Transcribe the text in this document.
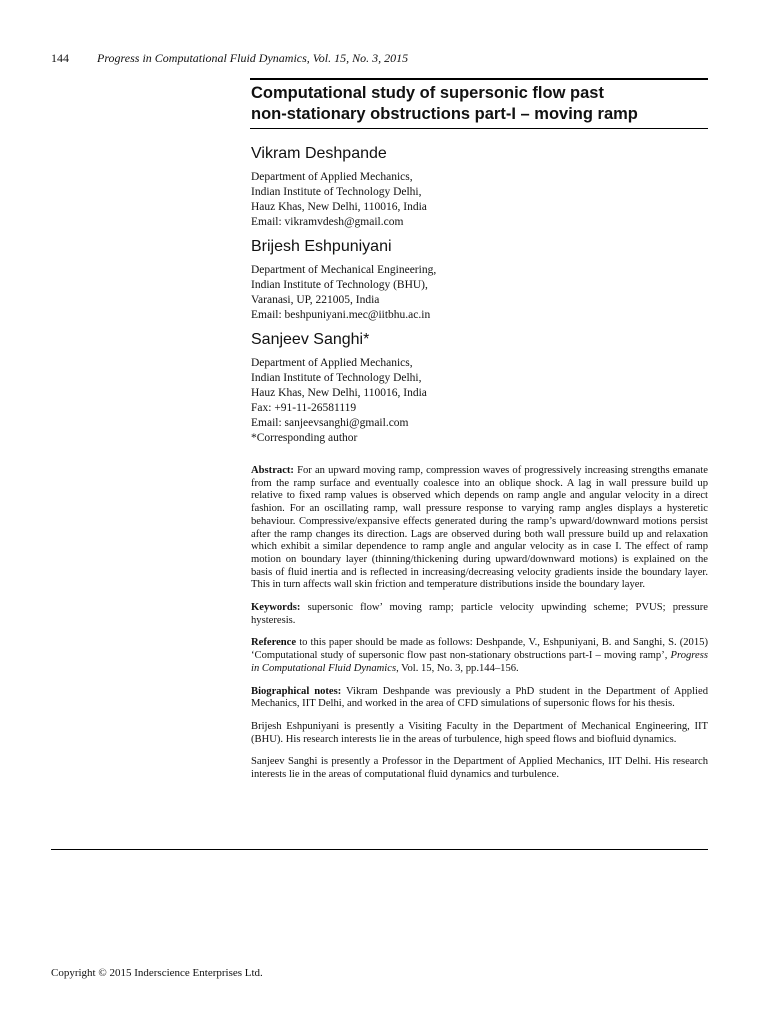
144 Progress in Computational Fluid Dynamics, Vol. 15, No. 3, 2015
Computational study of supersonic flow past
non-stationary obstructions part-I – moving ramp
Vikram Deshpande
Department of Applied Mechanics,
Indian Institute of Technology Delhi,
Hauz Khas, New Delhi, 110016, India
Email: vikramvdesh@gmail.com
Brijesh Eshpuniyani
Department of Mechanical Engineering,
Indian Institute of Technology (BHU),
Varanasi, UP, 221005, India
Email: beshpuniyani.mec@iitbhu.ac.in
Sanjeev Sanghi*
Department of Applied Mechanics,
Indian Institute of Technology Delhi,
Hauz Khas, New Delhi, 110016, India
Fax: +91-11-26581119
Email: sanjeevsanghi@gmail.com
*Corresponding author

Abstract: For an upward moving ramp, compression waves of progressively increasing strengths emanate from the ramp surface and eventually coalesce into an oblique shock. A lag in wall pressure build up relative to fixed ramp values is observed which depends on ramp angle and angular velocity in a direct fashion. For an oscillating ramp, wall pressure response to varying ramp angles displays a hysteretic behaviour. Compressive/expansive effects generated during the ramp’s upward/downward motions persist after the ramp changes its direction. Lags are observed during both wall pressure build up and relaxation which exhibit a similar dependence to ramp angle and angular velocity as in case I. The effect of ramp motion on boundary layer (thinning/thickening during upward/downward motions) is explained on the basis of fluid inertia and is reflected in increasing/decreasing velocity gradients inside the boundary layer. This in turn affects wall skin friction and temperature distributions inside the boundary layer.

Keywords: supersonic flow’ moving ramp; particle velocity upwinding scheme; PVUS; pressure hysteresis.

Reference to this paper should be made as follows: Deshpande, V., Eshpuniyani, B. and Sanghi, S. (2015) ‘Computational study of supersonic flow past non-stationary obstructions part-I – moving ramp’, Progress in Computational Fluid Dynamics, Vol. 15, No. 3, pp.144–156.

Biographical notes: Vikram Deshpande was previously a PhD student in the Department of Applied Mechanics, IIT Delhi, and worked in the area of CFD simulations of supersonic flows for his thesis.

Brijesh Eshpuniyani is presently a Visiting Faculty in the Department of Mechanical Engineering, IIT (BHU). His research interests lie in the areas of turbulence, high speed flows and biofluid dynamics.

Sanjeev Sanghi is presently a Professor in the Department of Applied Mechanics, IIT Delhi. His research interests lie in the areas of computational fluid dynamics and turbulence.

Copyright © 2015 Inderscience Enterprises Ltd.
